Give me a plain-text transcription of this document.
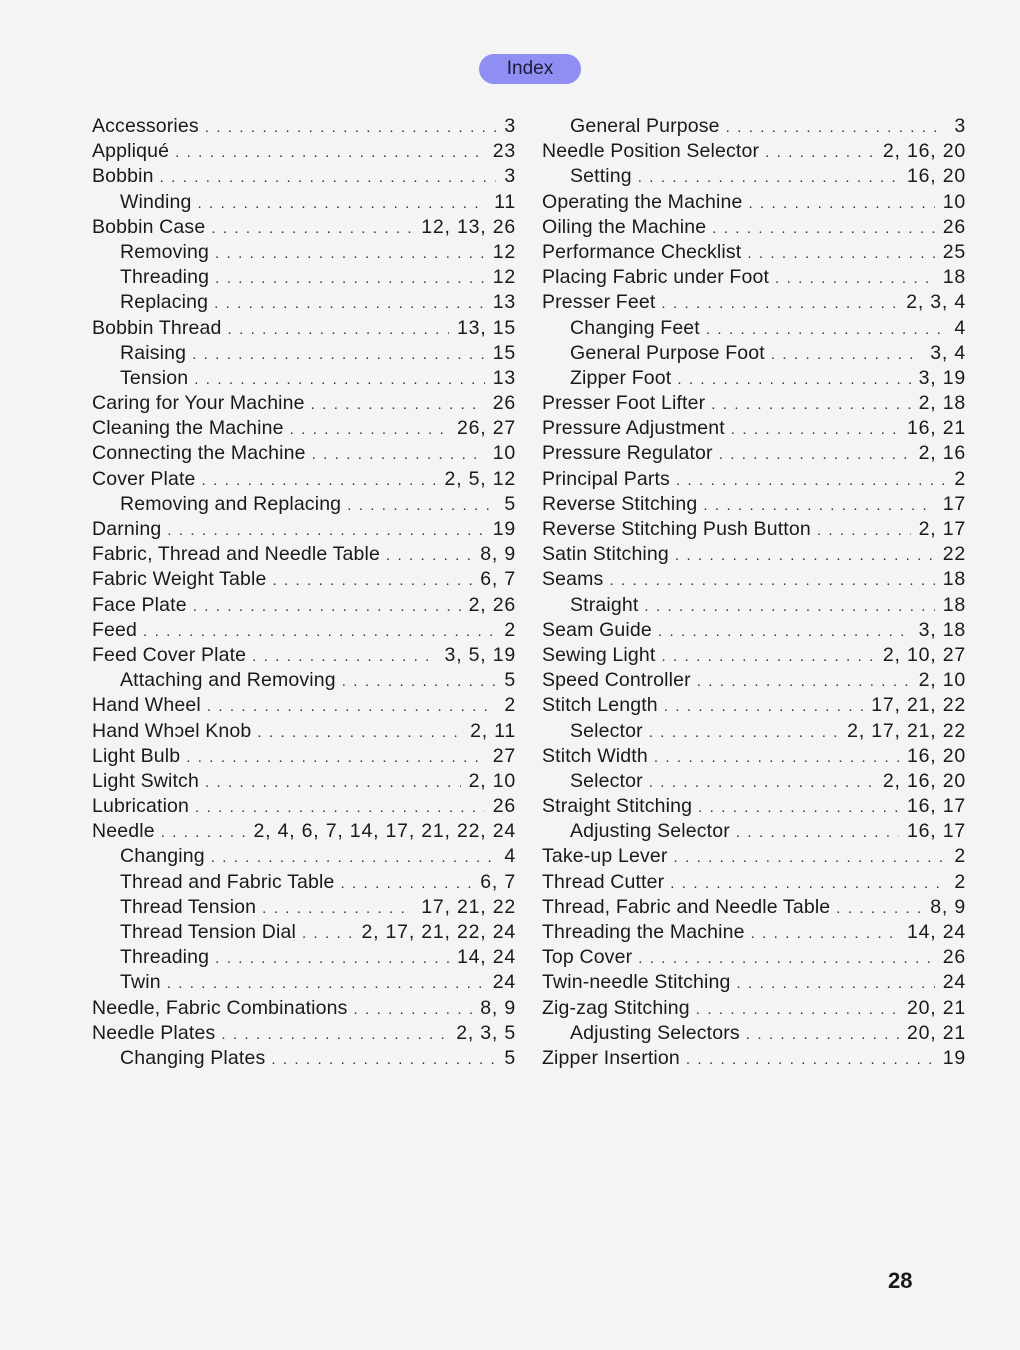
Index
Accessories . . .	3
Appliqué . . .	23
Bobbin . . .	3
Winding . . .	11
Bobbin Case . . .	12, 13, 26
Removing . . .	12
Threading . . .	12
Replacing . . .	13
Bobbin Thread . . .	13, 15
Raising . . .	15
Tension . . .	13
Caring for Your Machine . . .	26
Cleaning the Machine . . .	26, 27
Connecting the Machine . . .	10
Cover Plate . . .	2, 5, 12
Removing and Replacing . . .	5
Darning . . .	19
Fabric, Thread and Needle Table . . .	8, 9
Fabric Weight Table . . .	6, 7
Face Plate . . .	2, 26
Feed . . .	2
Feed Cover Plate . . .	3, 5, 19
Attaching and Removing . . .	5
Hand Wheel . . .	2
Hand Whɔel Knob . . .	2, 11
Light Bulb . . .	27
Light Switch . . .	2, 10
Lubrication . . .	26
Needle . . .	2, 4, 6, 7, 14, 17, 21, 22, 24
Changing . . .	4
Thread and Fabric Table . . .	6, 7
Thread Tension . . .	17, 21, 22
Thread Tension Dial . . .	2, 17, 21, 22, 24
Threading . . .	14, 24
Twin . . .	24
Needle, Fabric Combinations . . .	8, 9
Needle Plates . . .	2, 3, 5
Changing Plates . . .	5
General Purpose . . .	3
Needle Position Selector . . .	2, 16, 20
Setting . . .	16, 20
Operating the Machine . . .	10
Oiling the Machine . . .	26
Performance Checklist . . .	25
Placing Fabric under Foot . . .	18
Presser Feet . . .	2, 3, 4
Changing Feet . . .	4
General Purpose Foot . . .	3, 4
Zipper Foot . . .	3, 19
Presser Foot Lifter . . .	2, 18
Pressure Adjustment . . .	16, 21
Pressure Regulator . . .	2, 16
Principal Parts . . .	2
Reverse Stitching . . .	17
Reverse Stitching Push Button . . .	2, 17
Satin Stitching . . .	22
Seams . . .	18
Straight . . .	18
Seam Guide . . .	3, 18
Sewing Light . . .	2, 10, 27
Speed Controller . . .	2, 10
Stitch Length . . .	17, 21, 22
Selector . . .	2, 17, 21, 22
Stitch Width . . .	16, 20
Selector . . .	2, 16, 20
Straight Stitching . . .	16, 17
Adjusting Selector . . .	16, 17
Take-up Lever . . .	2
Thread Cutter . . .	2
Thread, Fabric and Needle Table . . .	8, 9
Threading the Machine . . .	14, 24
Top Cover . . .	26
Twin-needle Stitching . . .	24
Zig-zag Stitching . . .	20, 21
Adjusting Selectors . . .	20, 21
Zipper Insertion . . .	19
28
